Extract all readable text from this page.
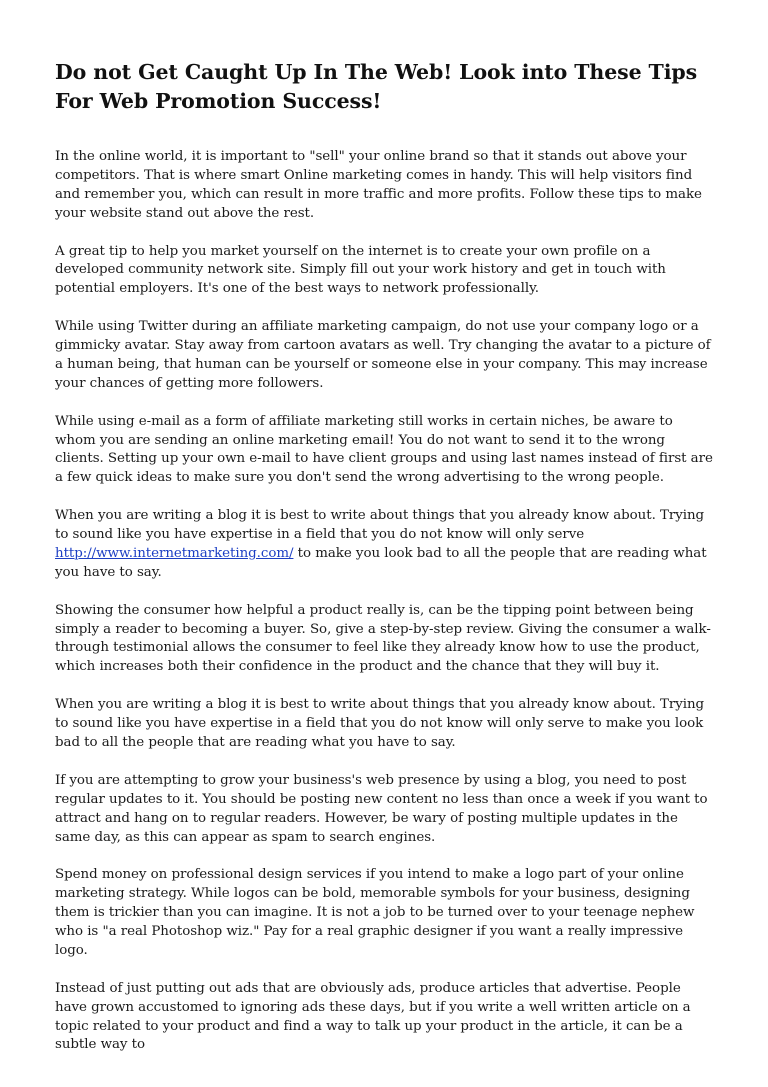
Do not Get Caught Up In The Web! Look into These Tips For Web Promotion Success!

In the online world, it is important to "sell" your online brand so that it stands out above your competitors. That is where smart Online marketing comes in handy. This will help visitors find and remember you, which can result in more traffic and more profits. Follow these tips to make your website stand out above the rest.

A great tip to help you market yourself on the internet is to create your own profile on a developed community network site. Simply fill out your work history and get in touch with potential employers. It's one of the best ways to network professionally.

While using Twitter during an affiliate marketing campaign, do not use your company logo or a gimmicky avatar. Stay away from cartoon avatars as well. Try changing the avatar to a picture of a human being, that human can be yourself or someone else in your company. This may increase your chances of getting more followers.

While using e-mail as a form of affiliate marketing still works in certain niches, be aware to whom you are sending an online marketing email! You do not want to send it to the wrong clients. Setting up your own e-mail to have client groups and using last names instead of first are a few quick ideas to make sure you don't send the wrong advertising to the wrong people.

When you are writing a blog it is best to write about things that you already know about. Trying to sound like you have expertise in a field that you do not know will only serve http://www.internetmarketing.com/ to make you look bad to all the people that are reading what you have to say.

Showing the consumer how helpful a product really is, can be the tipping point between being simply a reader to becoming a buyer. So, give a step-by-step review. Giving the consumer a walk-through testimonial allows the consumer to feel like they already know how to use the product, which increases both their confidence in the product and the chance that they will buy it.

When you are writing a blog it is best to write about things that you already know about. Trying to sound like you have expertise in a field that you do not know will only serve to make you look bad to all the people that are reading what you have to say.

If you are attempting to grow your business's web presence by using a blog, you need to post regular updates to it. You should be posting new content no less than once a week if you want to attract and hang on to regular readers. However, be wary of posting multiple updates in the same day, as this can appear as spam to search engines.

Spend money on professional design services if you intend to make a logo part of your online marketing strategy. While logos can be bold, memorable symbols for your business, designing them is trickier than you can imagine. It is not a job to be turned over to your teenage nephew who is "a real Photoshop wiz." Pay for a real graphic designer if you want a really impressive logo.

Instead of just putting out ads that are obviously ads, produce articles that advertise. People have grown accustomed to ignoring ads these days, but if you write a well written article on a topic related to your product and find a way to talk up your product in the article, it can be a subtle way to
